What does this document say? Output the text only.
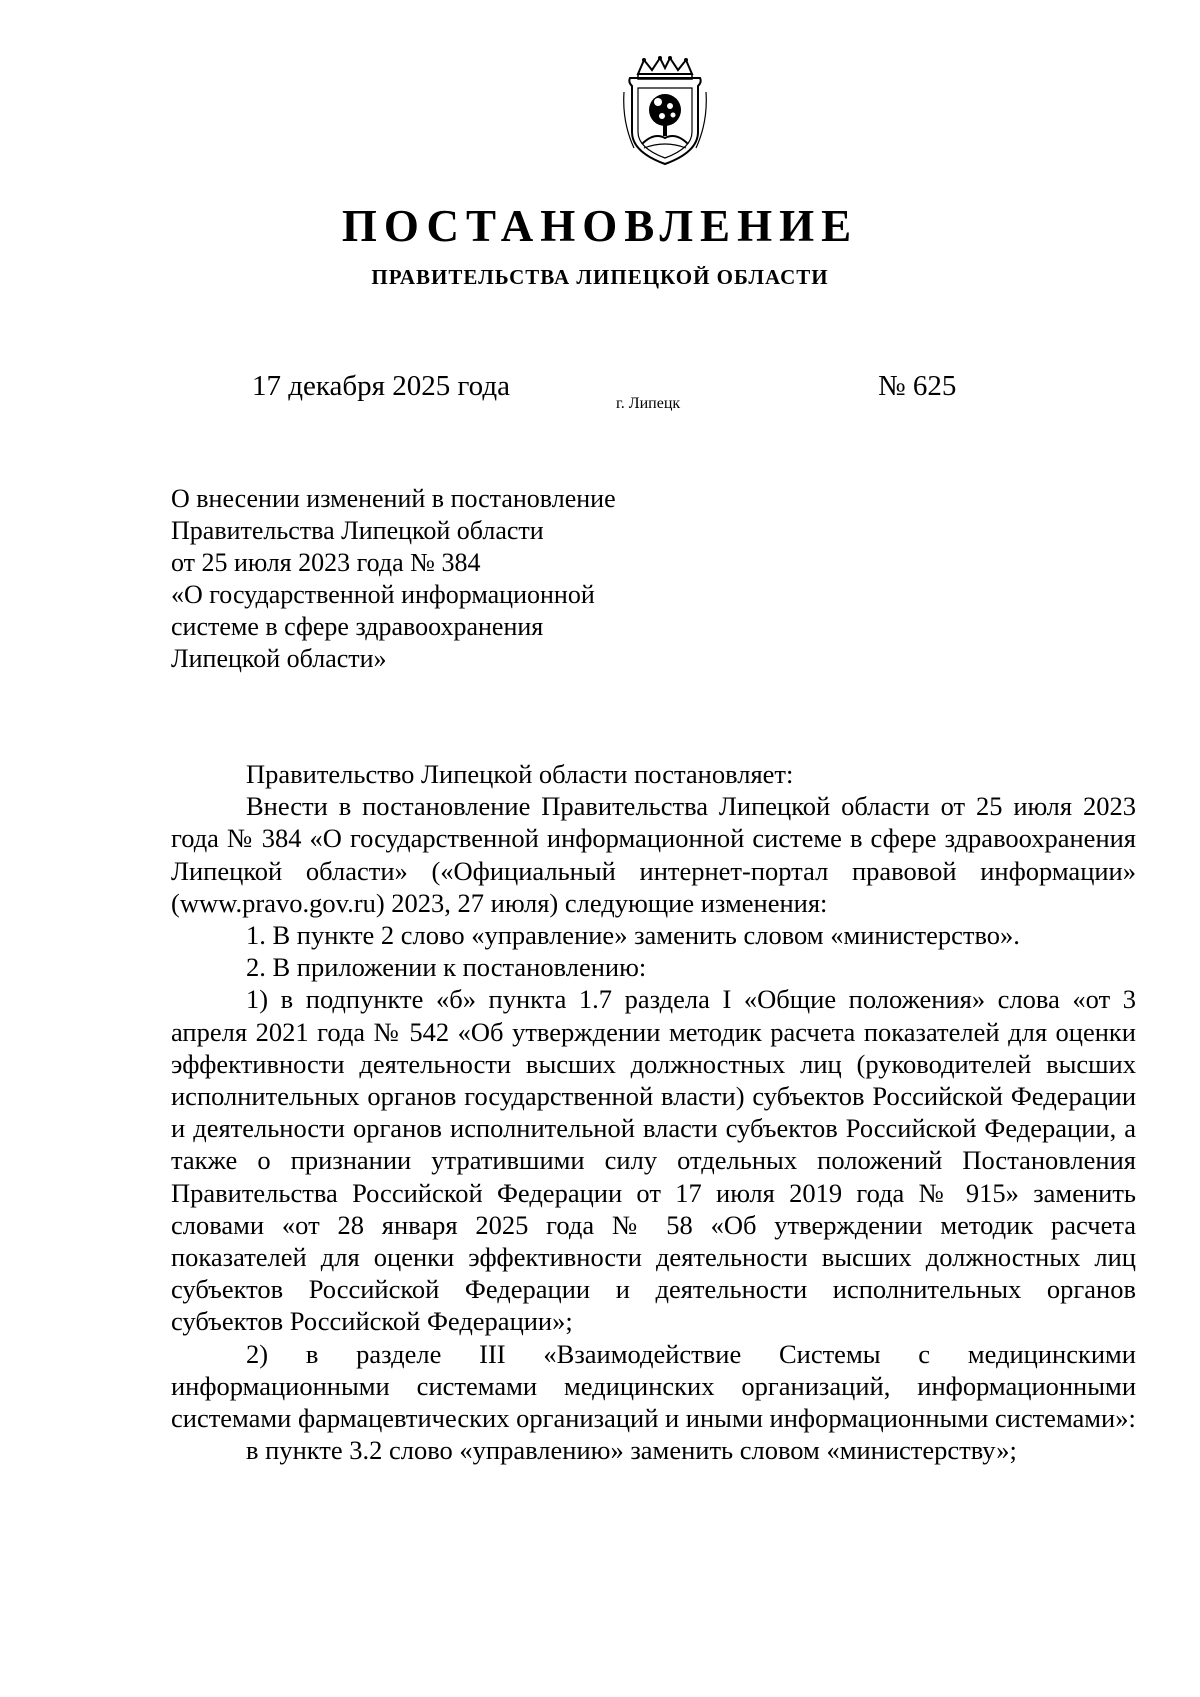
ПОСТАНОВЛЕНИЕ
ПРАВИТЕЛЬСТВА ЛИПЕЦКОЙ ОБЛАСТИ
17 декабря 2025 года
г. Липецк
№ 625
О внесении изменений в постановление
Правительства Липецкой области
от 25 июля 2023 года № 384
«О государственной информационной
системе в сфере здравоохранения
Липецкой области»

Правительство Липецкой области постановляет:

Внести в постановление Правительства Липецкой области от 25 июля 2023 года № 384 «О государственной информационной системе в сфере здравоохранения Липецкой области» («Официальный интернет-портал правовой информации» (www.pravo.gov.ru) 2023, 27 июля) следующие изменения:

1. В пункте 2 слово «управление» заменить словом «министерство».

2. В приложении к постановлению:

1) в подпункте «б» пункта 1.7 раздела I «Общие положения» слова «от 3 апреля 2021 года № 542 «Об утверждении методик расчета показателей для оценки эффективности деятельности высших должностных лиц (руководителей высших исполнительных органов государственной власти) субъектов Российской Федерации и деятельности органов исполнительной власти субъектов Российской Федерации, а также о признании утратившими силу отдельных положений Постановления Правительства Российской Федерации от 17 июля 2019 года № 915» заменить словами «от 28 января 2025 года № 58 «Об утверждении методик расчета показателей для оценки эффективности деятельности высших должностных лиц субъектов Российской Федерации и деятельности исполнительных органов субъектов Российской Федерации»;

2) в разделе III «Взаимодействие Системы с медицинскими информационными системами медицинских организаций, информационными системами фармацевтических организаций и иными информационными системами»:

в пункте 3.2 слово «управлению» заменить словом «министерству»;
